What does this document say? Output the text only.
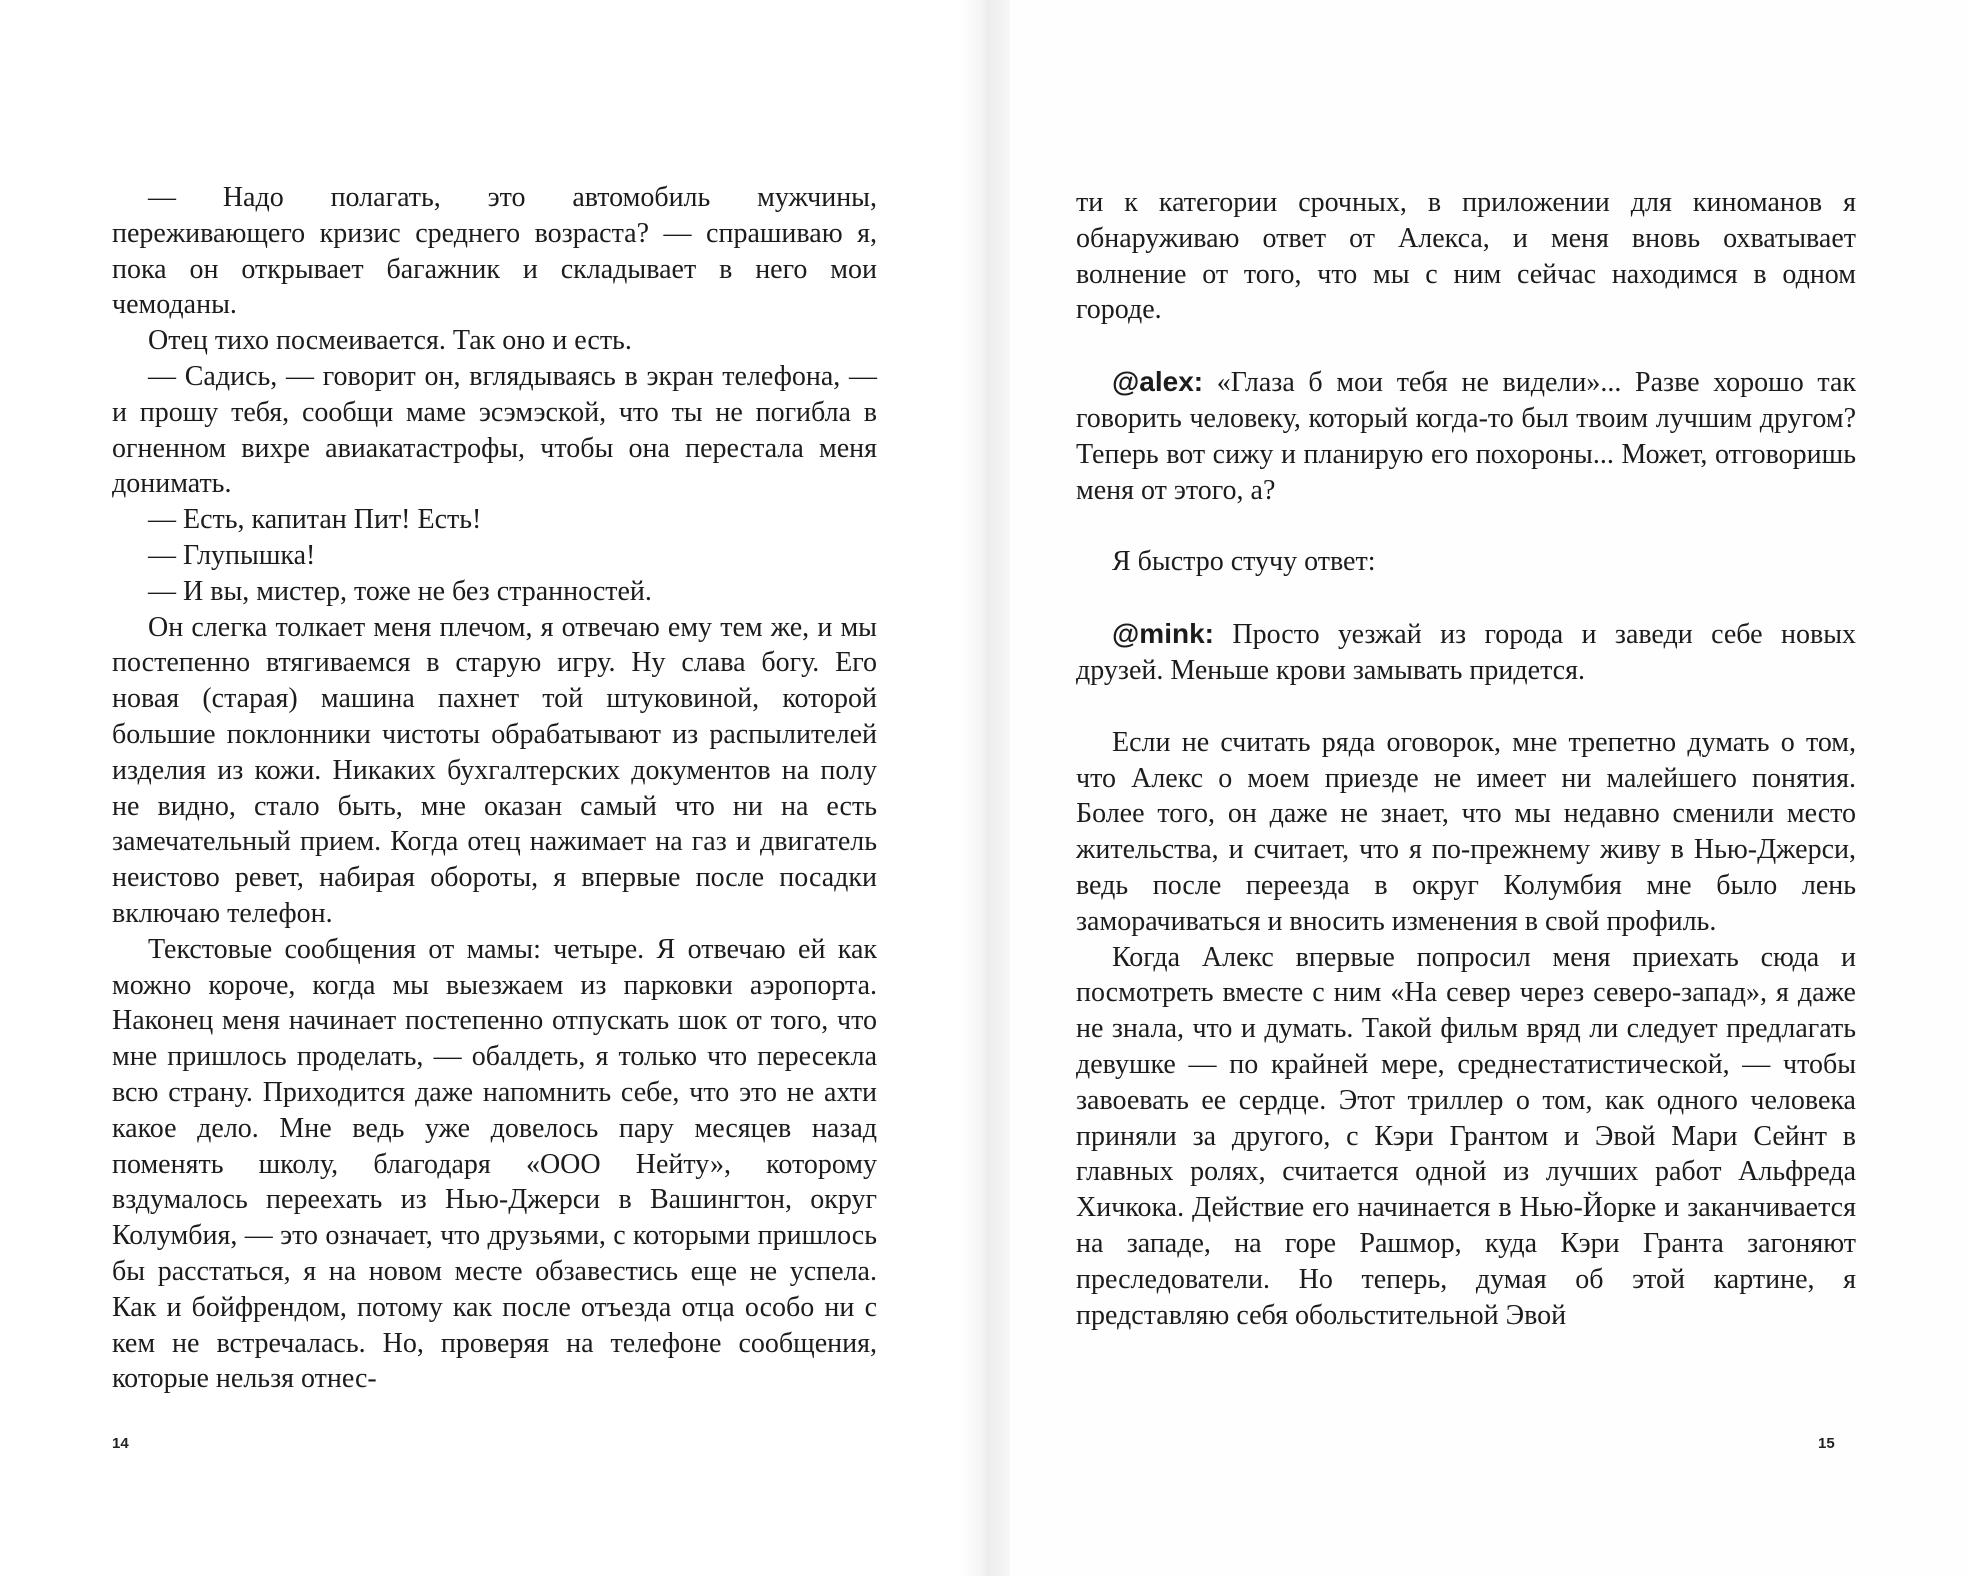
— Надо полагать, это автомобиль мужчины, переживающего кризис среднего возраста? — спрашиваю я, пока он открывает багажник и складывает в него мои чемоданы.

Отец тихо посмеивается. Так оно и есть.

— Садись, — говорит он, вглядываясь в экран телефона, — и прошу тебя, сообщи маме эсэмэской, что ты не погибла в огненном вихре авиакатастрофы, чтобы она перестала меня донимать.

— Есть, капитан Пит! Есть!

— Глупышка!

— И вы, мистер, тоже не без странностей.

Он слегка толкает меня плечом, я отвечаю ему тем же, и мы постепенно втягиваемся в старую игру. Ну слава богу. Его новая (старая) машина пахнет той штуковиной, которой большие поклонники чистоты обрабатывают из распылителей изделия из кожи. Никаких бухгалтерских документов на полу не видно, стало быть, мне оказан самый что ни на есть замечательный прием. Когда отец нажимает на газ и двигатель неистово ревет, набирая обороты, я впервые после посадки включаю телефон.

Текстовые сообщения от мамы: четыре. Я отвечаю ей как можно короче, когда мы выезжаем из парковки аэропорта. Наконец меня начинает постепенно отпускать шок от того, что мне пришлось проделать, — обалдеть, я только что пересекла всю страну. Приходится даже напомнить себе, что это не ахти какое дело. Мне ведь уже довелось пару месяцев назад поменять школу, благодаря «ООО Нейту», которому вздумалось переехать из Нью-Джерси в Вашингтон, округ Колумбия, — это означает, что друзьями, с которыми пришлось бы расстаться, я на новом месте обзавестись еще не успела. Как и бойфрендом, потому как после отъезда отца особо ни с кем не встречалась. Но, проверяя на телефоне сообщения, которые нельзя отнес-

14

ти к категории срочных, в приложении для киноманов я обнаруживаю ответ от Алекса, и меня вновь охватывает волнение от того, что мы с ним сейчас находимся в одном городе.

@alex: «Глаза б мои тебя не видели»... Разве хорошо так говорить человеку, который когда-то был твоим лучшим другом? Теперь вот сижу и планирую его похороны... Может, отговоришь меня от этого, а?

Я быстро стучу ответ:

@mink: Просто уезжай из города и заведи себе новых друзей. Меньше крови замывать придется.

Если не считать ряда оговорок, мне трепетно думать о том, что Алекс о моем приезде не имеет ни малейшего понятия. Более того, он даже не знает, что мы недавно сменили место жительства, и считает, что я по-прежнему живу в Нью-Джерси, ведь после переезда в округ Колумбия мне было лень заморачиваться и вносить изменения в свой профиль.

Когда Алекс впервые попросил меня приехать сюда и посмотреть вместе с ним «На север через северо-запад», я даже не знала, что и думать. Такой фильм вряд ли следует предлагать девушке — по крайней мере, среднестатистической, — чтобы завоевать ее сердце. Этот триллер о том, как одного человека приняли за другого, с Кэри Грантом и Эвой Мари Сейнт в главных ролях, считается одной из лучших работ Альфреда Хичкока. Действие его начинается в Нью-Йорке и заканчивается на западе, на горе Рашмор, куда Кэри Гранта загоняют преследователи. Но теперь, думая об этой картине, я представляю себя обольстительной Эвой

15
